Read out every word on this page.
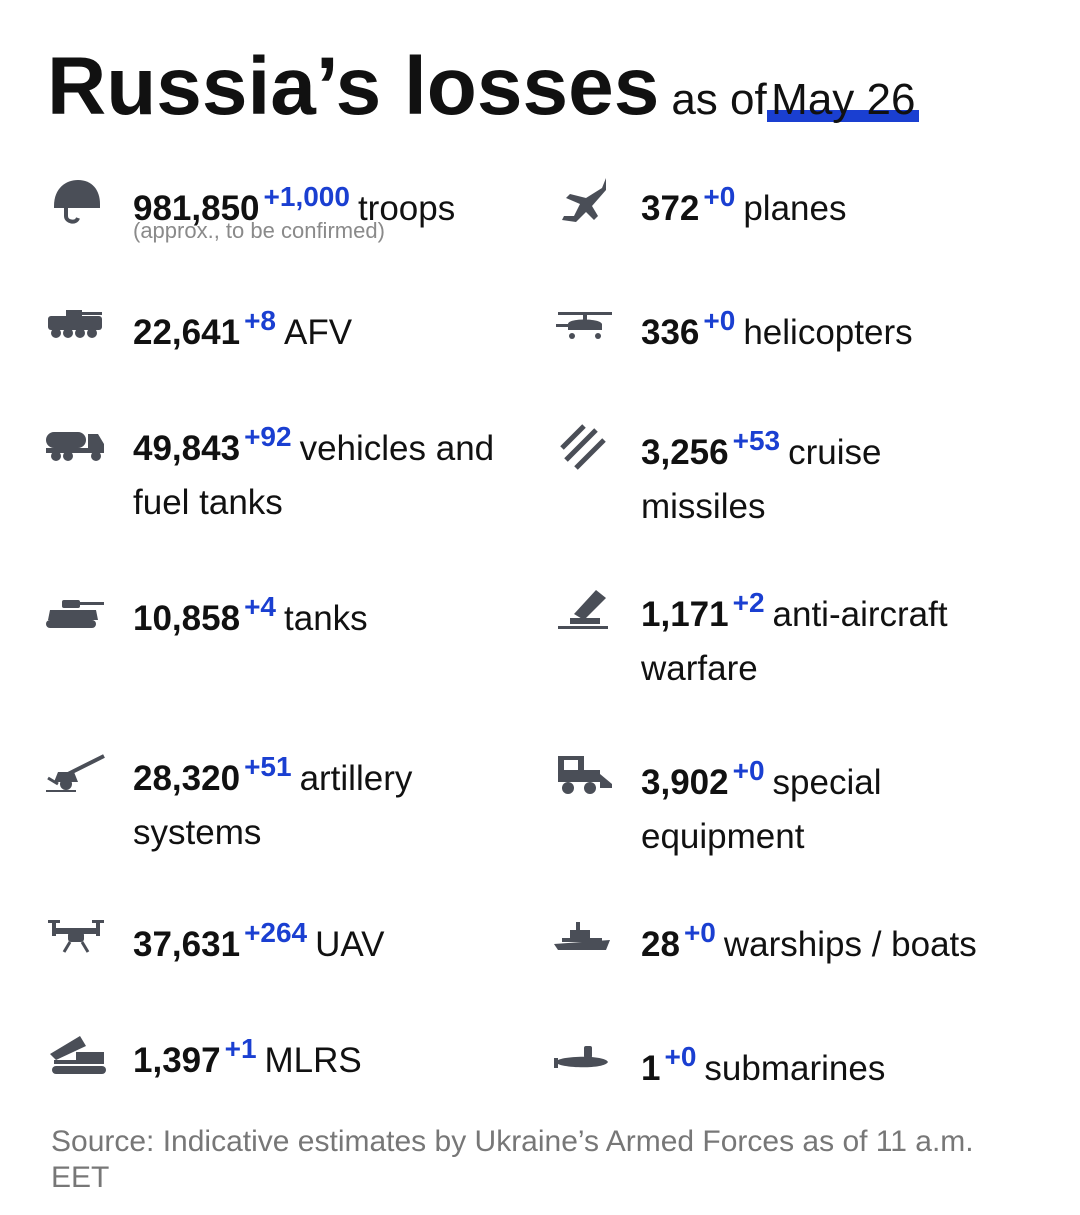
Russia’s losses as of May 26
981,850 $^{+1,000}$ troops
(approx., to be confirmed)
22,641 $^{+8}$ AFV
49,843 $^{+92}$ vehicles and fuel tanks
10,858 $^{+4}$ tanks
28,320 $^{+51}$ artillery systems
37,631 $^{+264}$ UAV
1,397 $^{+1}$ MLRS
372 $^{+0}$ planes
336 $^{+0}$ helicopters
3,256 $^{+53}$ cruise missiles
1,171 $^{+2}$ anti-aircraft warfare
3,902 $^{+0}$ special equipment
28 $^{+0}$ warships / boats
1 $^{+0}$ submarines
Source: Indicative estimates by Ukraine’s Armed Forces as of 11 a.m. EET
